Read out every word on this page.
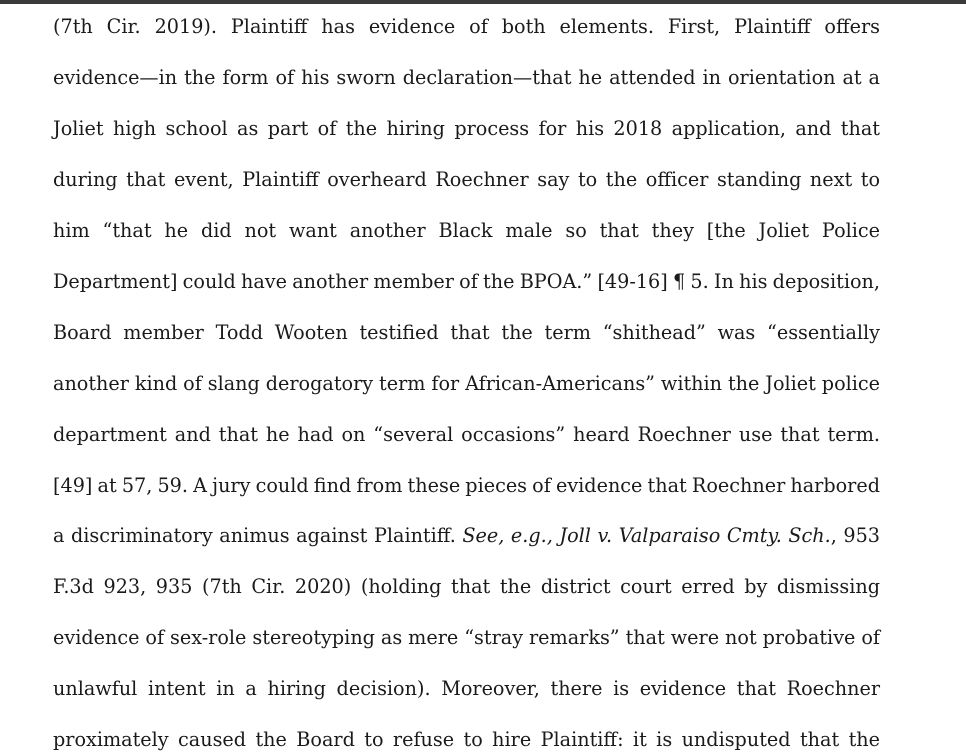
(7th Cir. 2019). Plaintiff has evidence of both elements. First, Plaintiff offers
evidence—in the form of his sworn declaration—that he attended in orientation at a
Joliet high school as part of the hiring process for his 2018 application, and that
during that event, Plaintiff overheard Roechner say to the officer standing next to
him “that he did not want another Black male so that they [the Joliet Police
Department] could have another member of the BPOA.” [49-16] ¶ 5. In his deposition,
Board member Todd Wooten testified that the term “shithead” was “essentially
another kind of slang derogatory term for African-Americans” within the Joliet police
department and that he had on “several occasions” heard Roechner use that term.
[49] at 57, 59. A jury could find from these pieces of evidence that Roechner harbored
a discriminatory animus against Plaintiff. See, e.g., Joll v. Valparaiso Cmty. Sch., 953
F.3d 923, 935 (7th Cir. 2020) (holding that the district court erred by dismissing
evidence of sex-role stereotyping as mere “stray remarks” that were not probative of
unlawful intent in a hiring decision). Moreover, there is evidence that Roechner
proximately caused the Board to refuse to hire Plaintiff: it is undisputed that the
